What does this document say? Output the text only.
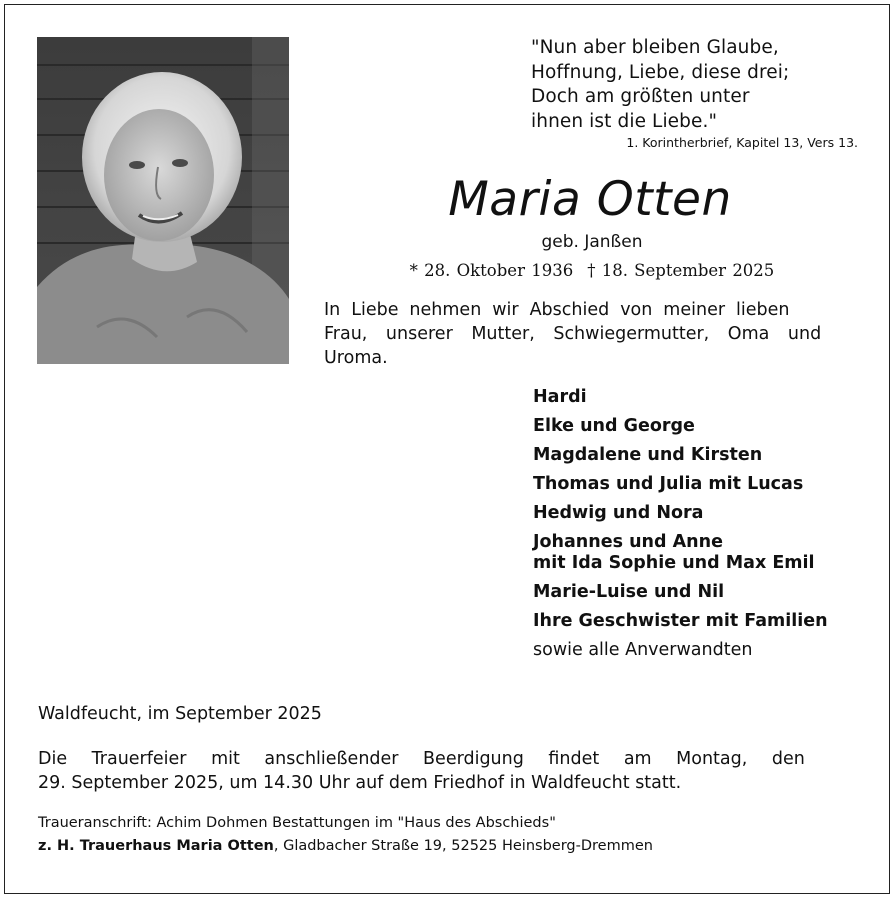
"Nun aber bleiben Glaube,
Hoffnung, Liebe, diese drei;
Doch am größten unter
ihnen ist die Liebe."
1. Korintherbrief, Kapitel 13, Vers 13.
Maria Otten
geb. Janßen
* 28. Oktober 1936 † 18. September 2025
In Liebe nehmen wir Abschied von meiner lieben
Frau, unserer Mutter, Schwiegermutter, Oma und
Uroma.
Hardi
Elke und George
Magdalene und Kirsten
Thomas und Julia mit Lucas
Hedwig und Nora
Johannes und Anne
mit Ida Sophie und Max Emil
Marie-Luise und Nil
Ihre Geschwister mit Familien
sowie alle Anverwandten
Waldfeucht, im September 2025
Die Trauerfeier mit anschließender Beerdigung findet am Montag, den
29. September 2025, um 14.30 Uhr auf dem Friedhof in Waldfeucht statt.
Traueranschrift: Achim Dohmen Bestattungen im "Haus des Abschieds"
z. H. Trauerhaus Maria Otten, Gladbacher Straße 19, 52525 Heinsberg-Dremmen
